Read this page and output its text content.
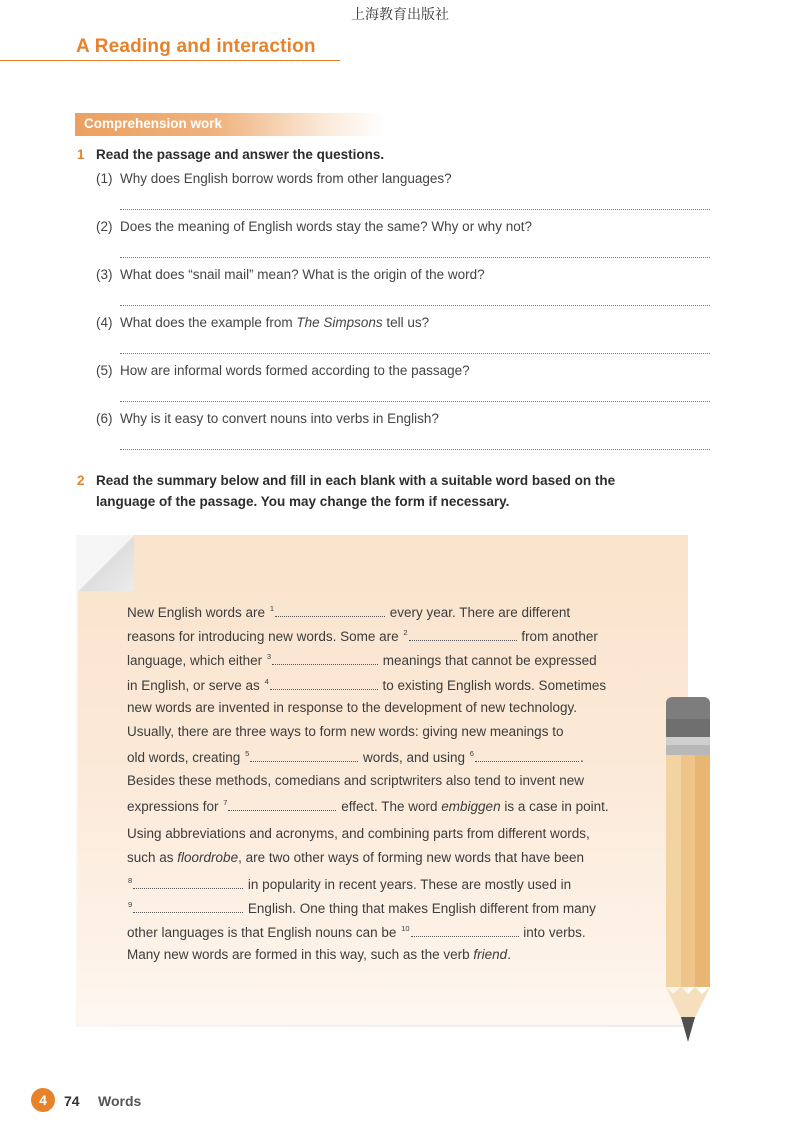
上海教育出版社
A Reading and interaction
Comprehension work
1 Read the passage and answer the questions.
(1) Why does English borrow words from other languages?
(2) Does the meaning of English words stay the same? Why or why not?
(3) What does “snail mail” mean? What is the origin of the word?
(4) What does the example from The Simpsons tell us?
(5) How are informal words formed according to the passage?
(6) Why is it easy to convert nouns into verbs in English?
2 Read the summary below and fill in each blank with a suitable word based on the
language of the passage. You may change the form if necessary.
New English words are $^1$	every year. There are different
reasons for introducing new words. Some are $^2$	from another
language, which either $^3$	meanings that cannot be expressed
in English, or serve as $^4$	to existing English words. Sometimes
new words are invented in response to the development of new technology.
Usually, there are three ways to form new words: giving new meanings to
old words, creating $^5$	words, and using $^6$	.
Besides these methods, comedians and scriptwriters also tend to invent new
expressions for $^7$	effect. The word embiggen is a case in point.
Using abbreviations and acronyms, and combining parts from different words,
such as floordrobe, are two other ways of forming new words that have been
$^8$	in popularity in recent years. These are mostly used in
$^9$	English. One thing that makes English different from many
other languages is that English nouns can be $^{10}$	into verbs.
Many new words are formed in this way, such as the verb friend.
4	74 Words
